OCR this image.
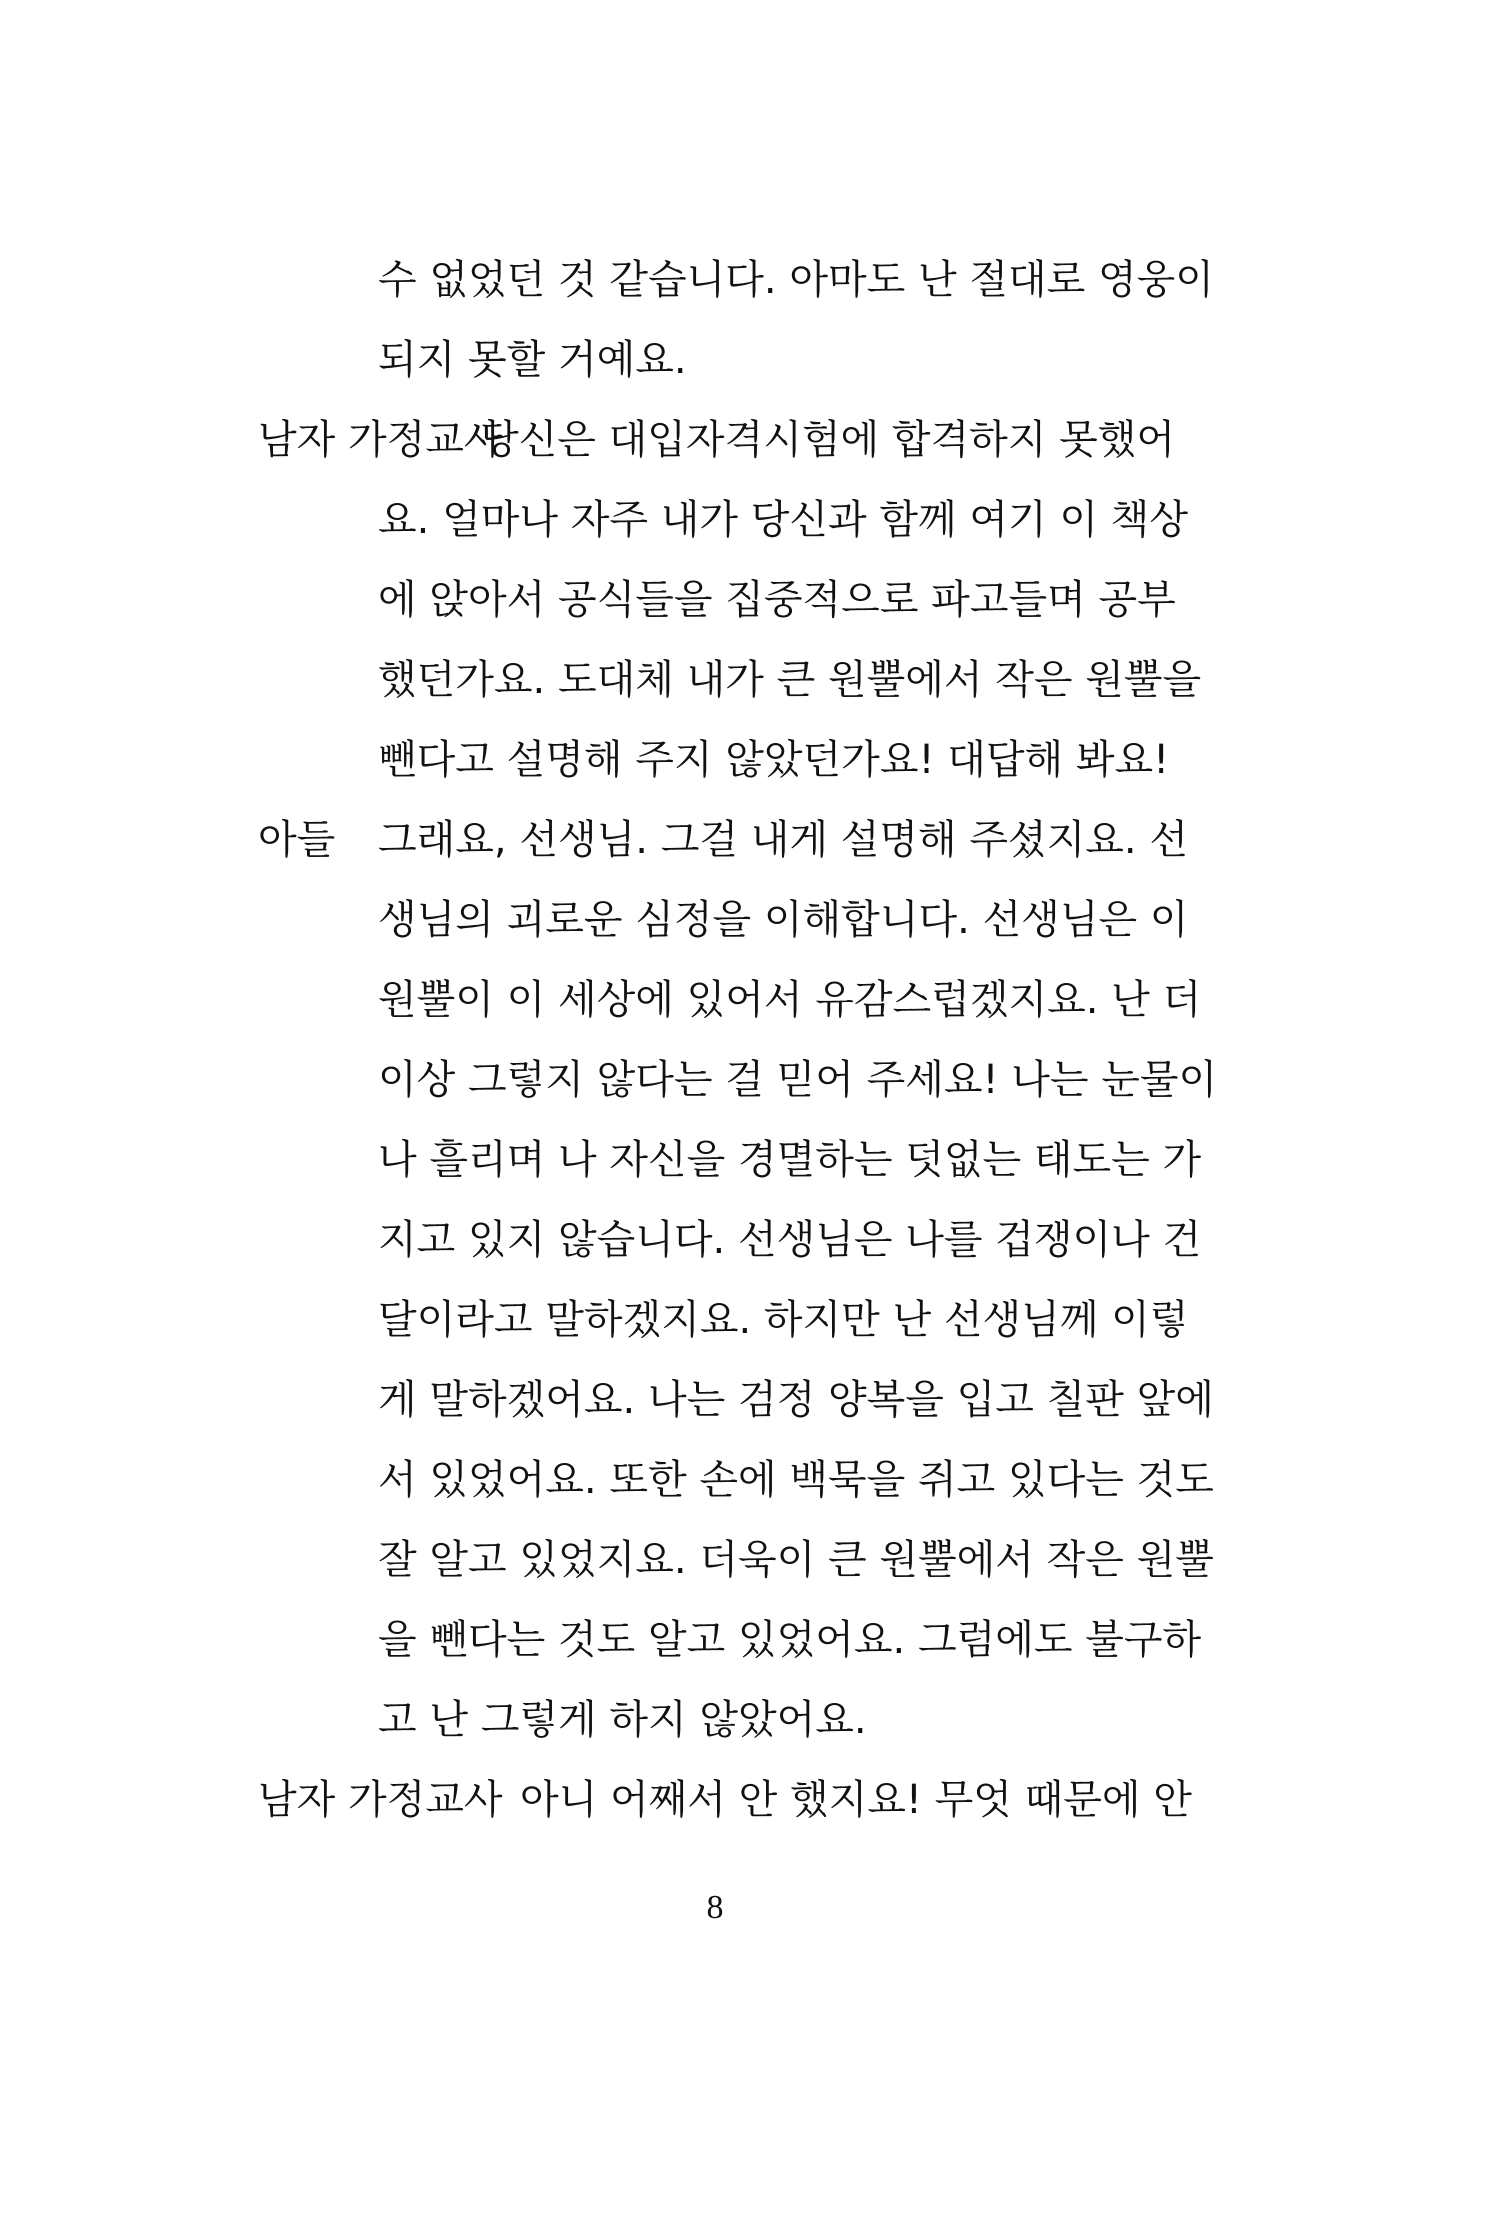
수 없었던 것 같습니다. 아마도 난 절대로 영웅이
되지 못할 거예요.
남자 가정교사
당신은 대입자격시험에 합격하지 못했어
요. 얼마나 자주 내가 당신과 함께 여기 이 책상
에 앉아서 공식들을 집중적으로 파고들며 공부
했던가요. 도대체 내가 큰 원뿔에서 작은 원뿔을
뺀다고 설명해 주지 않았던가요! 대답해 봐요!
아들 그래요, 선생님. 그걸 내게 설명해 주셨지요. 선
생님의 괴로운 심정을 이해합니다. 선생님은 이
원뿔이 이 세상에 있어서 유감스럽겠지요. 난 더
이상 그렇지 않다는 걸 믿어 주세요! 나는 눈물이
나 흘리며 나 자신을 경멸하는 덧없는 태도는 가
지고 있지 않습니다. 선생님은 나를 겁쟁이나 건
달이라고 말하겠지요. 하지만 난 선생님께 이렇
게 말하겠어요. 나는 검정 양복을 입고 칠판 앞에
서 있었어요. 또한 손에 백묵을 쥐고 있다는 것도
잘 알고 있었지요. 더욱이 큰 원뿔에서 작은 원뿔
을 뺀다는 것도 알고 있었어요. 그럼에도 불구하
고 난 그렇게 하지 않았어요.
남자 가정교사 아니 어째서 안 했지요! 무엇 때문에 안
8
